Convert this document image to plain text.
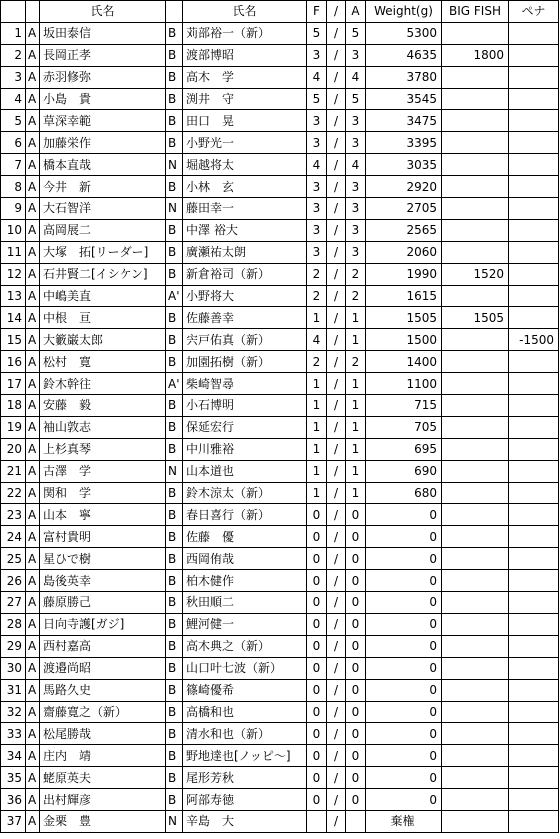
		氏名		氏名	F	/	A	Weight(g)	BIG FISH	ペナ
1	A	坂田泰信	B	苅部裕一（新）	5	/	5	5300		
2	A	長岡正孝	B	渡部博昭	3	/	3	4635	1800	
3	A	赤羽修弥	B	高木　学	4	/	4	3780		
4	A	小島　貴	B	渕井　守	5	/	5	3545		
5	A	草深幸範	B	田口　晃	3	/	3	3475		
6	A	加藤栄作	B	小野光一	3	/	3	3395		
7	A	橋本直哉	N	堀越将太	4	/	4	3035		
8	A	今井　新	B	小林　玄	3	/	3	2920		
9	A	大石智洋	N	藤田幸一	3	/	3	2705		
10	A	高岡展二	B	中澤 裕大	3	/	3	2565		
11	A	大塚　拓[リーダー]	B	廣瀬祐太朗	3	/	3	2060		
12	A	石井賢二[イシケン]	B	新倉裕司（新）	2	/	2	1990	1520	
13	A	中嶋美直	A'	小野将大	2	/	2	1615		
14	A	中根　亘	B	佐藤善幸	1	/	1	1505	1505	
15	A	大籔巌太郎	B	宍戸佑真（新）	4	/	1	1500		-1500
16	A	松村　寛	B	加園拓樹（新）	2	/	2	1400		
17	A	鈴木幹往	A'	柴崎智尋	1	/	1	1100		
18	A	安藤　毅	B	小石博明	1	/	1	715		
19	A	袖山敦志	B	保延宏行	1	/	1	705		
20	A	上杉真琴	B	中川雅裕	1	/	1	695		
21	A	古澤　学	N	山本道也	1	/	1	690		
22	A	関和　学	B	鈴木涼太（新）	1	/	1	680		
23	A	山本　寧	B	春日喜行（新）	0	/	0	0		
24	A	富村貴明	B	佐藤　優	0	/	0	0		
25	A	星ひで樹	B	西岡侑哉	0	/	0	0		
26	A	島後英幸	B	柏木健作	0	/	0	0		
27	A	藤原勝己	B	秋田順二	0	/	0	0		
28	A	日向寺護[ガジ]	B	鯉河健一	0	/	0	0		
29	A	西村嘉高	B	高木典之（新）	0	/	0	0		
30	A	渡邉尚昭	B	山口叶七波（新）	0	/	0	0		
31	A	馬路久史	B	篠崎優希	0	/	0	0		
32	A	齋藤寛之（新）	B	高橋和也	0	/	0	0		
33	A	松尾勝哉	B	清水和也（新）	0	/	0	0		
34	A	庄内　靖	B	野地達也[ノッピ～]	0	/	0	0		
35	A	蛯原英夫	B	尾形芳秋	0	/	0	0		
36	A	出村輝彦	B	阿部寿徳	0	/	0	0		
37	A	金栗　豊	N	辛島　大		/		棄権		
